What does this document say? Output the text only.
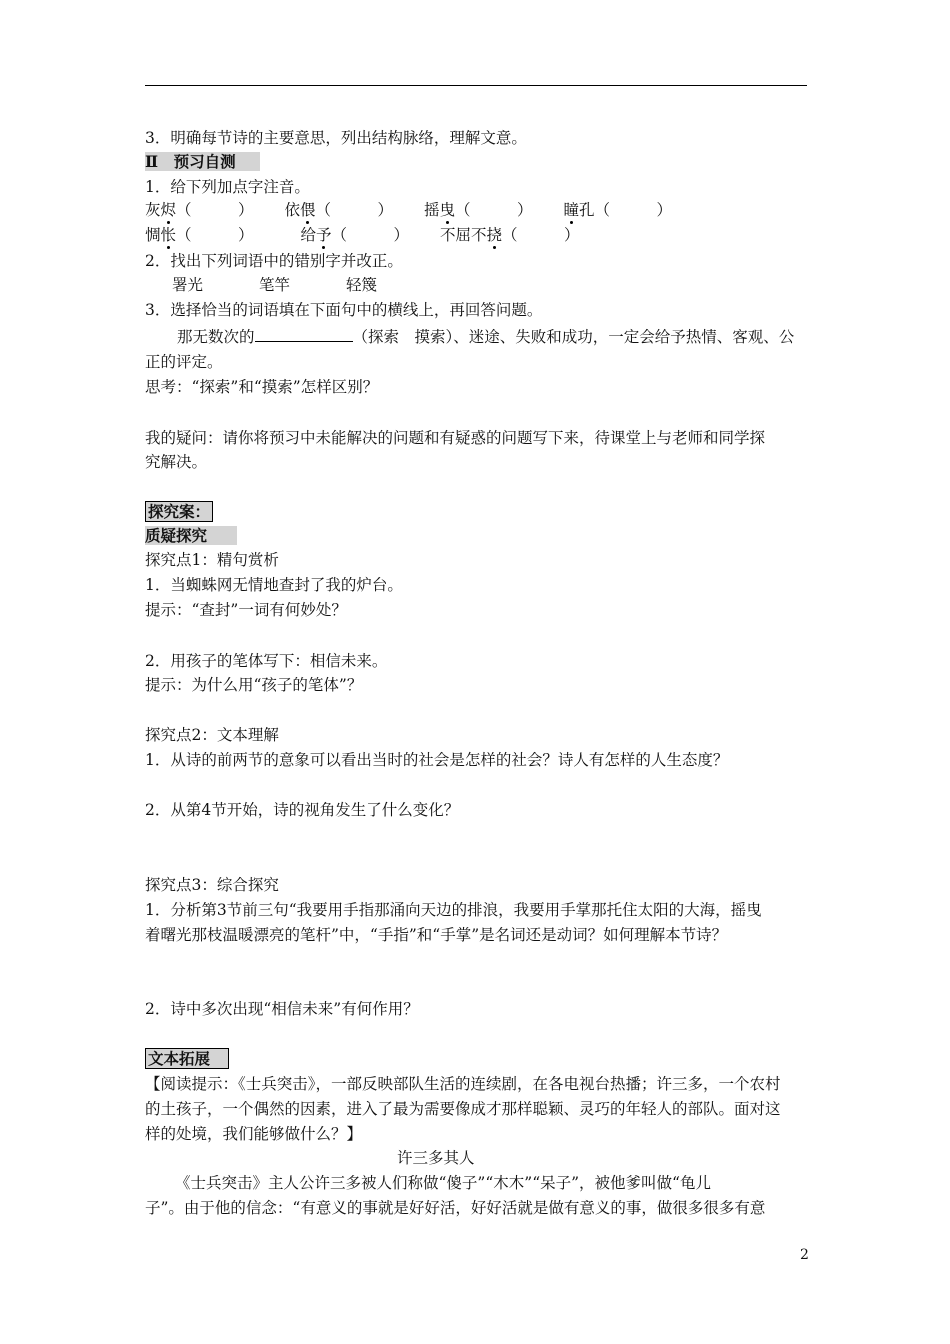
3．明确每节诗的主要意思，列出结构脉络，理解文意。
Ⅱ　预习自测
1．给下列加点字注音。
灰烬（　　　） 依偎（　　　） 摇曳（　　　） 瞳孔（　　　）
惆怅（　　　）	给予（　　　） 不屈不挠（　　　）
2．找出下列词语中的错别字并改正。
署光	笔竿	轻篾
3．选择恰当的词语填在下面句中的横线上，再回答问题。
那无数次的	（探索　摸索）、迷途、失败和成功，一定会给予热情、客观、公
正的评定。
思考：“探索”和“摸索”怎样区别？
我的疑问：请你将预习中未能解决的问题和有疑惑的问题写下来，待课堂上与老师和同学探
究解决。
探究案：
质疑探究　
探究点1：精句赏析
1．当蜘蛛网无情地查封了我的炉台。
提示：“查封”一词有何妙处？
2．用孩子的笔体写下：相信未来。
提示：为什么用“孩子的笔体”？
探究点2：文本理解
1．从诗的前两节的意象可以看出当时的社会是怎样的社会？诗人有怎样的人生态度？
2．从第4节开始，诗的视角发生了什么变化？
探究点3：综合探究
1．分析第3节前三句“我要用手指那涌向天边的排浪，我要用手掌那托住太阳的大海，摇曳
着曙光那枝温暖漂亮的笔杆”中，“手指”和“手掌”是名词还是动词？如何理解本节诗？
2．诗中多次出现“相信未来”有何作用？
文本拓展
【阅读提示：《士兵突击》，一部反映部队生活的连续剧，在各电视台热播；许三多，一个农村
的土孩子，一个偶然的因素，进入了最为需要像成才那样聪颖、灵巧的年轻人的部队。面对这
样的处境，我们能够做什么？】
许三多其人
《士兵突击》主人公许三多被人们称做“傻子”“木木”“呆子”，被他爹叫做“龟儿
子”。由于他的信念：“有意义的事就是好好活，好好活就是做有意义的事，做很多很多有意
2
